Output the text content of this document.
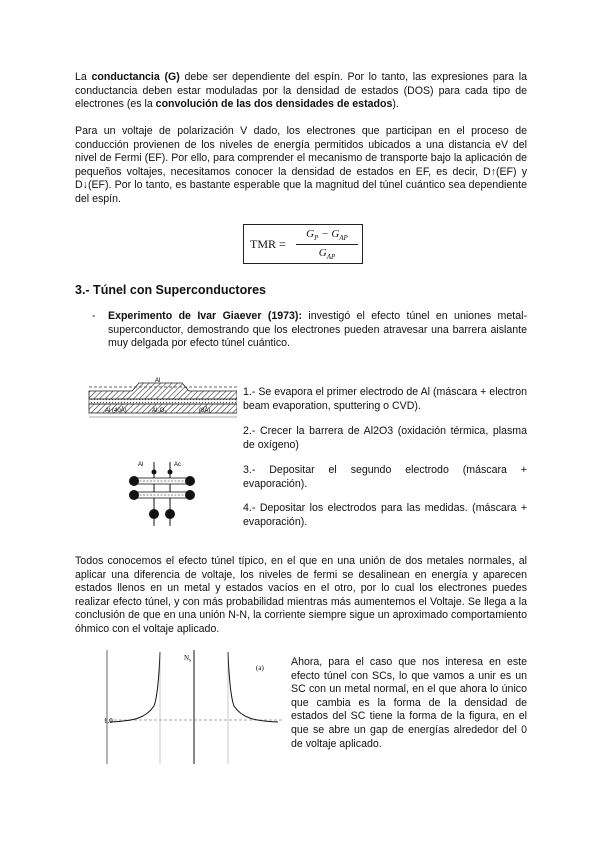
La conductancia (G) debe ser dependiente del espín. Por lo tanto, las expresiones para la conductancia deben estar moduladas por la densidad de estados (DOS) para cada tipo de electrones (es la convolución de las dos densidades de estados).

Para un voltaje de polarización V dado, los electrones que participan en el proceso de conducción provienen de los niveles de energía permitidos ubicados a una distancia eV del nivel de Fermi (EF). Por ello, para comprender el mecanismo de transporte bajo la aplicación de pequeños voltajes, necesitamos conocer la densidad de estados en EF, es decir, D↑(EF) y D↓(EF). Por lo tanto, es bastante esperable que la magnitud del túnel cuántico sea dependiente del espín.

TMR =
$G_P - G_{AP}$
$G_{AP}$
3.- Túnel con Superconductores
- Experimento de Ivar Giaever (1973): investigó el efecto túnel en uniones metal-superconductor, demostrando que los electrones pueden atravesar una barrera aislante muy delgada por efecto túnel cuántico.

Al
Al (40Å)	Al2O3	(8Å)
Al	Ac

1.- Se evapora el primer electrodo de Al (máscara + electron beam evaporation, sputtering o CVD).

2.- Crecer la barrera de Al2O3 (oxidación térmica, plasma de oxígeno)

3.- Depositar el segundo electrodo (máscara + evaporación).

4.- Depositar los electrodos para las medidas. (máscara + evaporación).

Todos conocemos el efecto túnel típico, en el que en una unión de dos metales normales, al aplicar una diferencia de voltaje, los niveles de fermi se desalinean en energía y aparecen estados llenos en un metal y estados vacíos en el otro, por lo cual los electrones puedes realizar efecto túnel, y con más probabilidad mientras más aumentemos el Voltaje. Se llega a la conclusión de que en una unión N-N, la corriente siempre sigue un aproximado comportamiento óhmico con el voltaje aplicado.

$N_s$
(a)
1.0

Ahora, para el caso que nos interesa en este efecto túnel con SCs, lo que vamos a unir es un SC con un metal normal, en el que ahora lo único que cambia es la forma de la densidad de estados del SC tiene la forma de la figura, en el que se abre un gap de energías alrededor del 0 de voltaje aplicado.
